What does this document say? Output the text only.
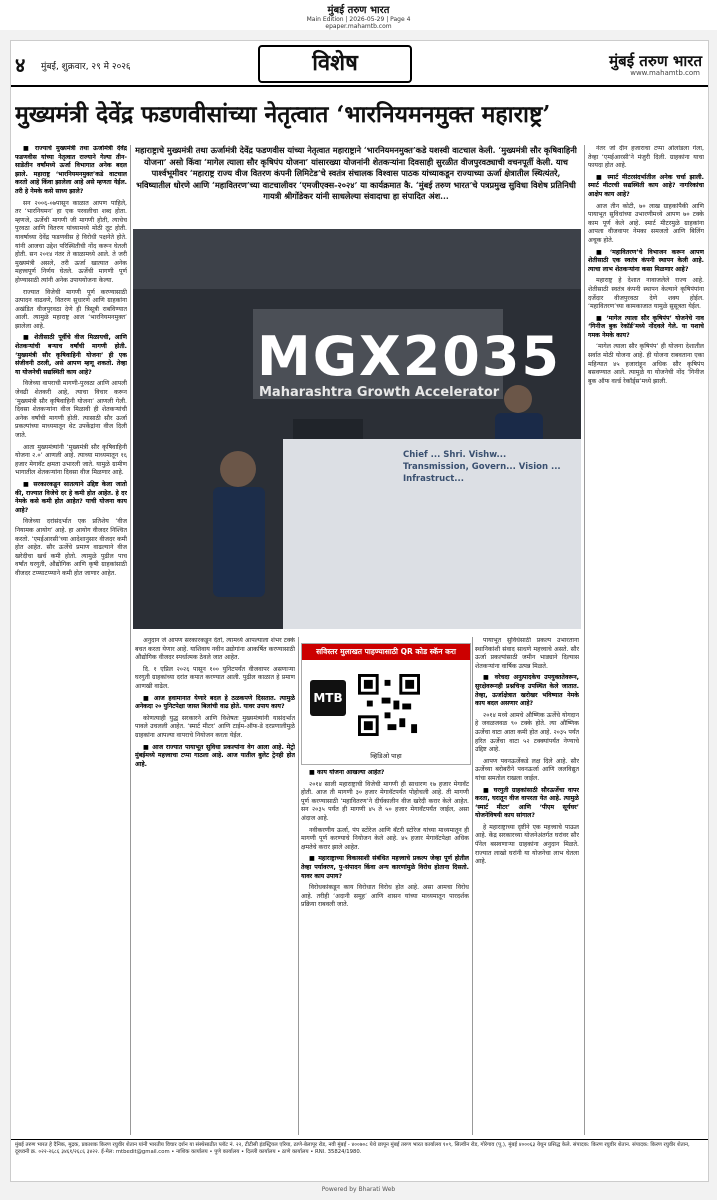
मुंबई तरुण भारत
Main Edition | 2026-05-29 | Page 4
epaper.mahamtb.com
४ मुंबई, शुक्रवार, २९ मे २०२६	विशेष	मुंबई तरुण भारत
www.mahamtb.com
मुख्यमंत्री देवेंद्र फडणवीसांच्या नेतृत्वात ‘भारनियमनमुक्त महाराष्ट्र’
महाराष्ट्राचे मुख्यमंत्री तथा ऊर्जामंत्री देवेंद्र फडणवीस यांच्या नेतृत्वात महाराष्ट्राने ‘भारनियमनमुक्त’कडे यशस्वी वाटचाल केली. ‘मुख्यमंत्री सौर कृषिवाहिनी योजना’ असो किंवा ‘मागेल त्याला सौर कृषिपंप योजना’ यांसारख्या योजनांनी शेतकऱ्यांना दिवसाही सुरळीत वीजपुरवठ्याची वचनपूर्ती केली. याच पार्श्वभूमीवर ‘महाराष्ट्र राज्य वीज वितरण कंपनी लिमिटेड’चे स्वतंत्र संचालक विश्वास पाठक यांच्याकडून राज्याच्या ऊर्जा क्षेत्रातील स्थित्यंतरे, भविष्यातील धोरणे आणि ‘महावितरण’च्या वाटचालीवर ‘एमजीएक्स-२०२४’ या कार्यक्रमात कै. ‘मुंबई तरुण भारत’चे पत्रप्रमुख सुविधा विशेष प्रतिनिधी गायत्री श्रीगोंडेकर यांनी साधलेल्या संवादाचा हा संपादित अंश...

■ राज्याचे मुख्यमंत्री तथा ऊर्जामंत्री देवेंद्र फडणवीस यांच्या नेतृत्वात राज्याने गेल्या तीन-साडेतीन वर्षांमध्ये ऊर्जा विभागात अनेक बदल झाले. महाराष्ट्र ‘भारनियमनमुक्त’कडे वाटचाल करतो आहे किंवा झालेला आहे असे म्हणता येईल. तरी हे नेमके कसे साध्य झाले?

सन २००६-०७पासून काळात आपण पाहिले, तर ‘भारनियमन’ हा एक परवलीचा शब्द होता. म्हणजे, ऊर्जेची मागणी जी मागणी होती, त्याचेच पुरवठा आणि वितरण यांच्यामध्ये मोठी तूट होती. यावर्षाच्या देवेंद्र फडणवीस हे विरोधी पक्षनेते होते. यांनी आजचा उद्देश परिस्थितीची नोंद करून घेतली होती. सन २०१४ नंतर ते काळामध्ये आले. ते जरी मुख्यमंत्री असले, तरी ऊर्जा खात्यात अनेक महत्त्वपूर्ण निर्णय घेतले. ऊर्जेची मागणी पूर्ण होण्यासाठी त्यांनी अनेक उपाययोजना केल्या.

राज्यात विजेची मागणी पूर्ण करण्यासाठी उत्पादन वाढवणे, वितरण सुधारणे आणि ग्राहकांना अखंडित वीजपुरवठा देणे ही त्रिसूत्री राबविण्यात आली. त्यामुळे महाराष्ट्र आज ‘भारनियमनमुक्त’ झालेला आहे.

■ शेतीसाठी पूर्वीचे वीज मिळायची, आणि शेतकऱ्यांची बऱ्याच वर्षांची मागणी होती. ‘मुख्यमंत्री सौर कृषिवाहिनी योजना’ ही एक संजीवनी ठरली, असे आपण म्हणू शकतो. तेव्हा या योजनेची सद्यस्थिती काय आहे?

विजेच्या वापराची मागणी-पुरवठा आणि आपली जेवढी शेतकरी आहे, त्याचा विचार करून ‘मुख्यमंत्री सौर कृषिवाहिनी योजना’ आणली गेली. दिवसा शेतकऱ्यांना वीज मिळावी ही शेतकऱ्यांची अनेक वर्षांची मागणी होती. त्यासाठी सौर ऊर्जा प्रकल्पांच्या माध्यमातून थेट उपकेंद्रांना वीज दिली जाते.

आता मुख्यमंत्र्यांनी ‘मुख्यमंत्री सौर कृषिवाहिनी योजना २.०’ आणली आहे. त्याच्या माध्यमातून १६ हजार मेगावॅट क्षमता उभारली जाते. यामुळे ग्रामीण भागातील शेतकऱ्यांना दिवसा वीज मिळणार आहे.

■ सरकारकडून सातत्याने उद्दिष्ट केला जातो की, राज्यात विजेचे दर हे कमी होत आहेत. हे दर नेमके कसे कमी होत आहेत? याची योजना काय आहे?

विजेच्या दरांसंदर्भात एक प्रतिशेय ‘वीज नियामक आयोग’ आहे. हा आयोग वीजदर निश्चित करतो. ‘एमईआरसी’च्या आदेशानुसार वीजदर कमी होत आहेत. सौर ऊर्जेचे प्रमाण वाढल्याने वीज खरेदीचा खर्च कमी होतो. त्यामुळे पुढील पाच वर्षांत घरगुती, औद्योगिक आणि कृषी ग्राहकांसाठी वीजदर टप्प्याटप्प्याने कमी होत जाणार आहेत.

MGX2035
Maharashtra Growth Accelerator
Chief ... Shri. Vishw... Transmission, Govern... Vision ... Infrastruct...

अनुदान जे आपण सरकारकडून देतो, त्यामध्ये आपल्याला शंभर टक्के बचत करता येणार आहे. याशिवाय नवीन उद्योगांना आकर्षित करण्यासाठी औद्योगिक वीजदर स्पर्धात्मक ठेवले जात आहेत.

दि. १ एप्रिल २०२६ पासून १०० युनिटपर्यंत वीजवापर असणाऱ्या घरगुती ग्राहकांच्या दरांत कपात करण्यात आली. पुढील काळात हे प्रमाण आणखी वाढेल.

■ आज हवामानात येणारे बदल हे ठळकपणे दिसतात. त्यामुळे अनेकदा २० युनिटपेक्षा जास्त बिलांची वाढ होते. यावर उपाय काय?

कोणत्याही युद्ध सरकारने आणि विशेषतः मुख्यमंत्र्यांनी यासंदर्भात पावले उचलली आहेत. ‘स्मार्ट मीटर’ आणि टाईम-ऑफ-डे दरप्रणालीमुळे ग्राहकांना आपल्या वापराचे नियोजन करता येईल.

■ आज राज्यात पायाभूत सुविधा प्रकल्पांना वेग आला आहे. मेट्रो मुंबईमध्ये महत्त्वाचा टप्पा गाठला आहे. आज यातील बुलेट ट्रेनही होत आहे.

सविस्तर मुलाखत पाहण्यासाठी QR कोड स्कॅन करा
MTB
व्हिडिओ पाहा

■ काय योजना आखल्या आहेत?

२०१४ साली महाराष्ट्राची विजेची मागणी ही साधारण १७ हजार मेगावॅट होती. आज ती मागणी ३० हजार मेगावॅटपर्यंत पोहोचली आहे. ती मागणी पूर्ण करण्यासाठी ‘महावितरण’ने दीर्घकालीन वीज खरेदी करार केले आहेत. सन २०३५ पर्यंत ही मागणी ४५ ते ५० हजार मेगावॅटपर्यंत जाईल, असा अंदाज आहे.

नवीकरणीय ऊर्जा, पंप स्टोरेज आणि बॅटरी स्टोरेज यांच्या माध्यमातून ही मागणी पूर्ण करण्याचे नियोजन केले आहे. ४५ हजार मेगावॅटपेक्षा अधिक क्षमतेचे करार झाले आहेत.

■ महाराष्ट्राच्या विकासाशी संबंधित महत्त्वाचे प्रकल्प जेव्हा पूर्ण होतील तेव्हा पर्यावरण, पु-संपादन किंवा अन्य कारणांमुळे विरोध होताना दिसतो. यावर काय उपाय?

विरोधकांकडून काय विरोधात विरोध होत आहे. असा आमचा विरोध आहे. तरीही ‘अदानी समूह’ आणि शासन यांच्या माध्यमातून पारदर्शक प्रक्रिया राबवली जाते.

पायाभूत सुविधेसाठी प्रकल्प उभारताना स्थानिकांशी संवाद साधणे महत्त्वाचे असते. सौर ऊर्जा प्रकल्पांसाठी जमीन भाड्याने दिल्यास शेतकऱ्यांना वार्षिक उत्पन्न मिळते.

■ वरेचदा अनुत्पादकेच उपयुक्ततेवरून, सुरक्षेवरूनही प्रश्नचिन्ह उपस्थित केले जातात. तेव्हा, ऊर्जाक्षेत्रात खरोखर भविष्यात नेमके काय बदल असणार आहे?

२०१४ मध्ये आमचे औष्णिक ऊर्जेचे योगदान हे जवळजवळ ९० टक्के होते. त्या औष्णिक ऊर्जेचा वाटा आता कमी होत आहे. २०३५ पर्यंत हरित ऊर्जेचा वाटा ५२ टक्क्यांपर्यंत नेण्याचे उद्दिष्ट आहे.

आपण पवनऊर्जेकडे लक्ष दिले आहे. सौर ऊर्जेच्या बरोबरीने पवनऊर्जा आणि जलविद्युत यांचा समतोल राखला जाईल.

■ घरगुती ग्राहकांसाठी सौरऊर्जेचा वापर करता, घरातून वीज वापरता येत आहे. त्यामुळे ‘स्मार्ट मीटर’ आणि ‘पीएम सूर्यघर’ योजनेविषयी काय सांगाल?

हे महाराष्ट्राच्या दृष्टीने एक महत्त्वाचे पाऊल आहे. केंद्र सरकारच्या योजनेअंतर्गत घरांवर सौर पॅनेल बसवणाऱ्या ग्राहकांना अनुदान मिळते. राज्यात लाखो घरांनी या योजनेचा लाभ घेतला आहे.

नंतर जो दीन हजाराचा टप्पा ओलांडला गेला, तेव्हा ‘एमईआरसी’ने मंजुरी दिली. ग्राहकांना याचा फायदा होत आहे.

■ स्मार्ट मीटरसंदर्भातील अनेक चर्चा झाली. स्मार्ट मीटरची सद्यस्थिती काय आहे? नागरिकांचा आक्षेप काय आहे?

आज तीन कोटी, ७० लाख ग्राहकांपैकी आणि पायाभूत सुविधांच्या उभारणीमध्ये आपण ७० टक्के काम पूर्ण केले आहे. स्मार्ट मीटरमुळे ग्राहकांना आपला वीजवापर नेमका समजतो आणि बिलिंग अचूक होते.

■ ‘महावितरण’चे विभाजन करून आपण शेतीसाठी एक स्वतंत्र कंपनी स्थापन केली आहे. त्याचा लाभ शेतकऱ्यांना कसा मिळणार आहे?

महाराष्ट्र हे देशात नावाजलेले राज्य आहे. शेतीसाठी स्वतंत्र कंपनी स्थापन केल्याने कृषिपंपांना दर्जेदार वीजपुरवठा देणे शक्य होईल. ‘महावितरण’च्या कामकाजात यामुळे सुसूत्रता येईल.

■ ‘मागेल त्याला सौर कृषिपंप’ योजनेचे नाव ‘गिनीज बुक रेकॉर्ड’मध्ये नोंदवले गेले. या यशाचे गमक नेमके काय?

‘मागेल त्याला सौर कृषिपंप’ ही योजना देशातील सर्वात मोठी योजना आहे. ही योजना राबवताना एका महिन्यात ४५ हजारांहून अधिक सौर कृषिपंप बसवण्यात आले. त्यामुळे या योजनेची नोंद ‘गिनीज बुक ऑफ वर्ल्ड रेकॉर्ड्स’मध्ये झाली.

मुंबई तरुण भारत हे दैनिक, मुद्रक, प्रकाशक किरण रघुवीर शेतान यांनी भारतीय विचार दर्शन या संस्थेसाठीत प्लॉट नं. २२, टीटीसी इंडस्ट्रियल एरिया, ठाणे-बेलापूर रोड, नवी मुंबई - ४००७०८ येथे छापून मुंबई तरुण भारत कार्यालय १०९, सिल्वीन रोड, गोरेगाव (पू.), मुंबई ४०००६३ येथून प्रसिद्ध केले. संपादक: किरण रघुवीर शेतान. संपादक: किरण रघुवीर शेतान, दूरध्वनी क्र. ०२२-२६८६ ३४६१/२६८६ ३४२२. ई-मेल: mtbedit@gmail.com • नाशिक कार्यालय • पुणे कार्यालय • दिल्ली कार्यालय • ठाणे कार्यालय • RNI. 35824/1980.
Powered by Bharati Web
